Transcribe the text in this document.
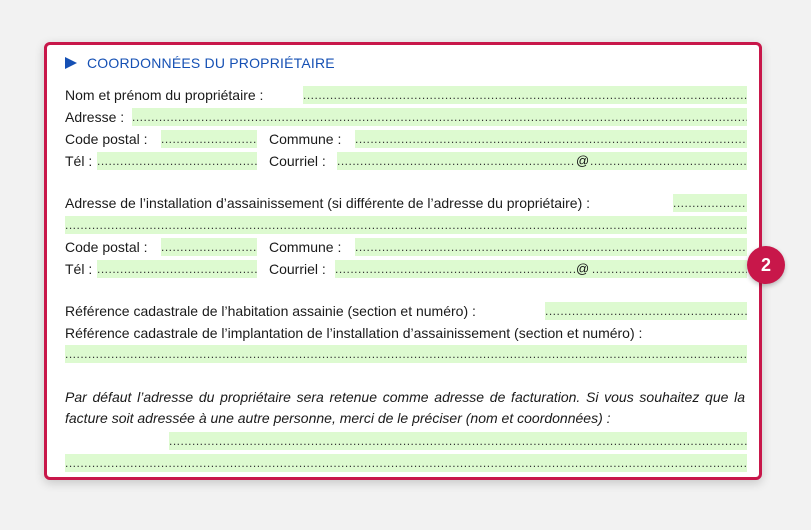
COORDONNÉES DU PROPRIÉTAIRE
Nom et prénom du propriétaire :
.....
Adresse :
.....
Code postal : .....	Commune :
.....
Tél : .....	Courriel :
..... @
Adresse de l’installation d’assainissement (si différente de l’adresse du propriétaire) :
.....
.....
Code postal : .....	Commune :
.....
Tél : .....	Courriel :
..... @
Référence cadastrale de l’habitation assainie (section et numéro) :
.....
Référence cadastrale de l’implantation de l’installation d’assainissement (section et numéro) :
.....
Par défaut l’adresse du propriétaire sera retenue comme adresse de facturation. Si vous souhaitez que la facture soit adressée à une autre personne, merci de le préciser (nom et coordonnées) :
.....
.....
2
